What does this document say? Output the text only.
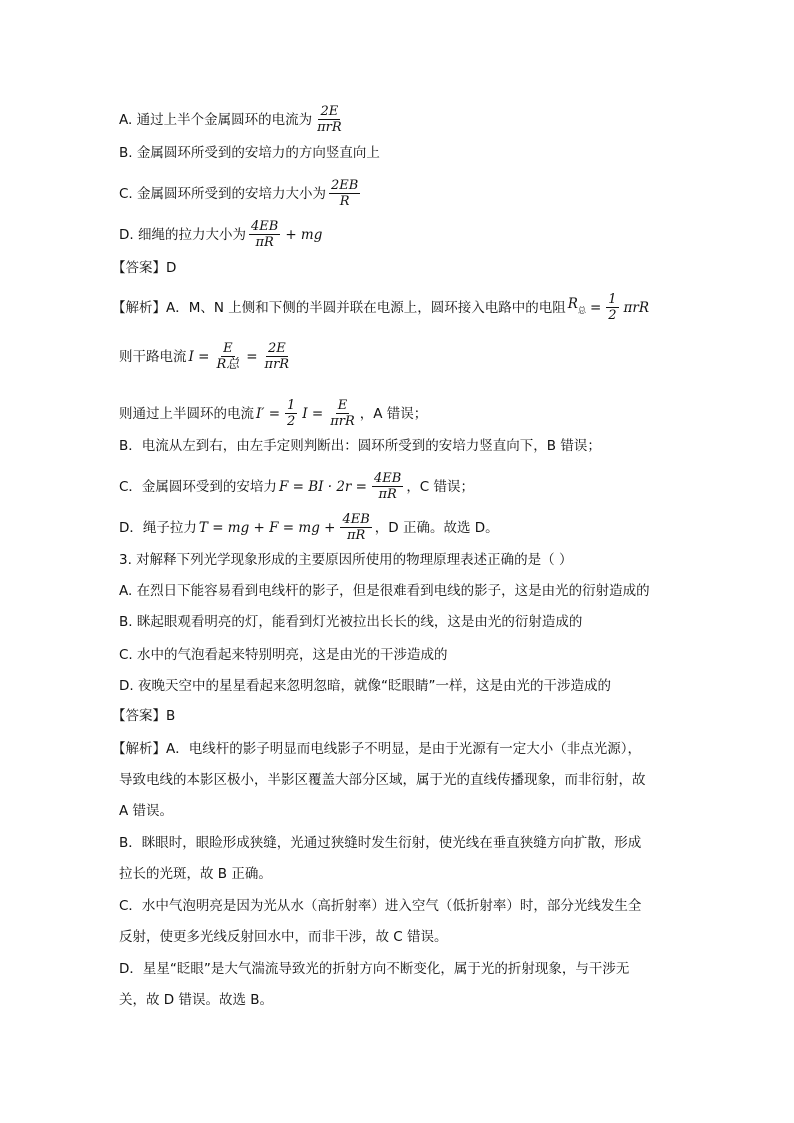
A. 通过上半个金属圆环的电流为 $\frac{2E}{\text{πrR}}$
B. 金属圆环所受到的安培力的方向竖直向上
C. 金属圆环所受到的安培力大小为 $\frac{2EB}{R}$
D. 细绳的拉力大小为 $\frac{4EB}{\pi R}$ + mg
【答案】D
【解析】A．M、N 上侧和下侧的半圆并联在电源上，圆环接入电路中的电阻 $R_总 = \frac{1}{2}$ πrR
则干路电流 $I = \frac{E}{\text{R总}} = \frac{2E}{\text{πrR}}$
则通过上半圆环的电流 $I' = \frac{1}{2}$ $I = \frac{E}{\text{πrR}}$ ，A 错误；
B．电流从左到右，由左手定则判断出：圆环所受到的安培力竖直向下，B 错误；
C．金属圆环受到的安培力 F = BI · $2r = \frac{4EB}{\pi R}$ ，C 错误；
D．绳子拉力 T = mg + F = mg + $\frac{4EB}{\pi R}$ ，D 正确。故选 D。
3. 对解释下列光学现象形成的主要原因所使用的物理原理表述正确的是（ ）
A. 在烈日下能容易看到电线杆的影子，但是很难看到电线的影子，这是由光的衍射造成的
B. 眯起眼观看明亮的灯，能看到灯光被拉出长长的线，这是由光的衍射造成的
C. 水中的气泡看起来特别明亮，这是由光的干涉造成的
D. 夜晚天空中的星星看起来忽明忽暗，就像“眨眼睛”一样，这是由光的干涉造成的
【答案】B
【解析】A．电线杆的影子明显而电线影子不明显，是由于光源有一定大小（非点光源），
导致电线的本影区极小，半影区覆盖大部分区域，属于光的直线传播现象，而非衍射，故
A 错误。
B．眯眼时，眼睑形成狭缝，光通过狭缝时发生衍射，使光线在垂直狭缝方向扩散，形成
拉长的光斑，故 B 正确。
C．水中气泡明亮是因为光从水（高折射率）进入空气（低折射率）时，部分光线发生全
反射，使更多光线反射回水中，而非干涉，故 C 错误。
D．星星“眨眼”是大气湍流导致光的折射方向不断变化，属于光的折射现象，与干涉无
关，故 D 错误。故选 B。
